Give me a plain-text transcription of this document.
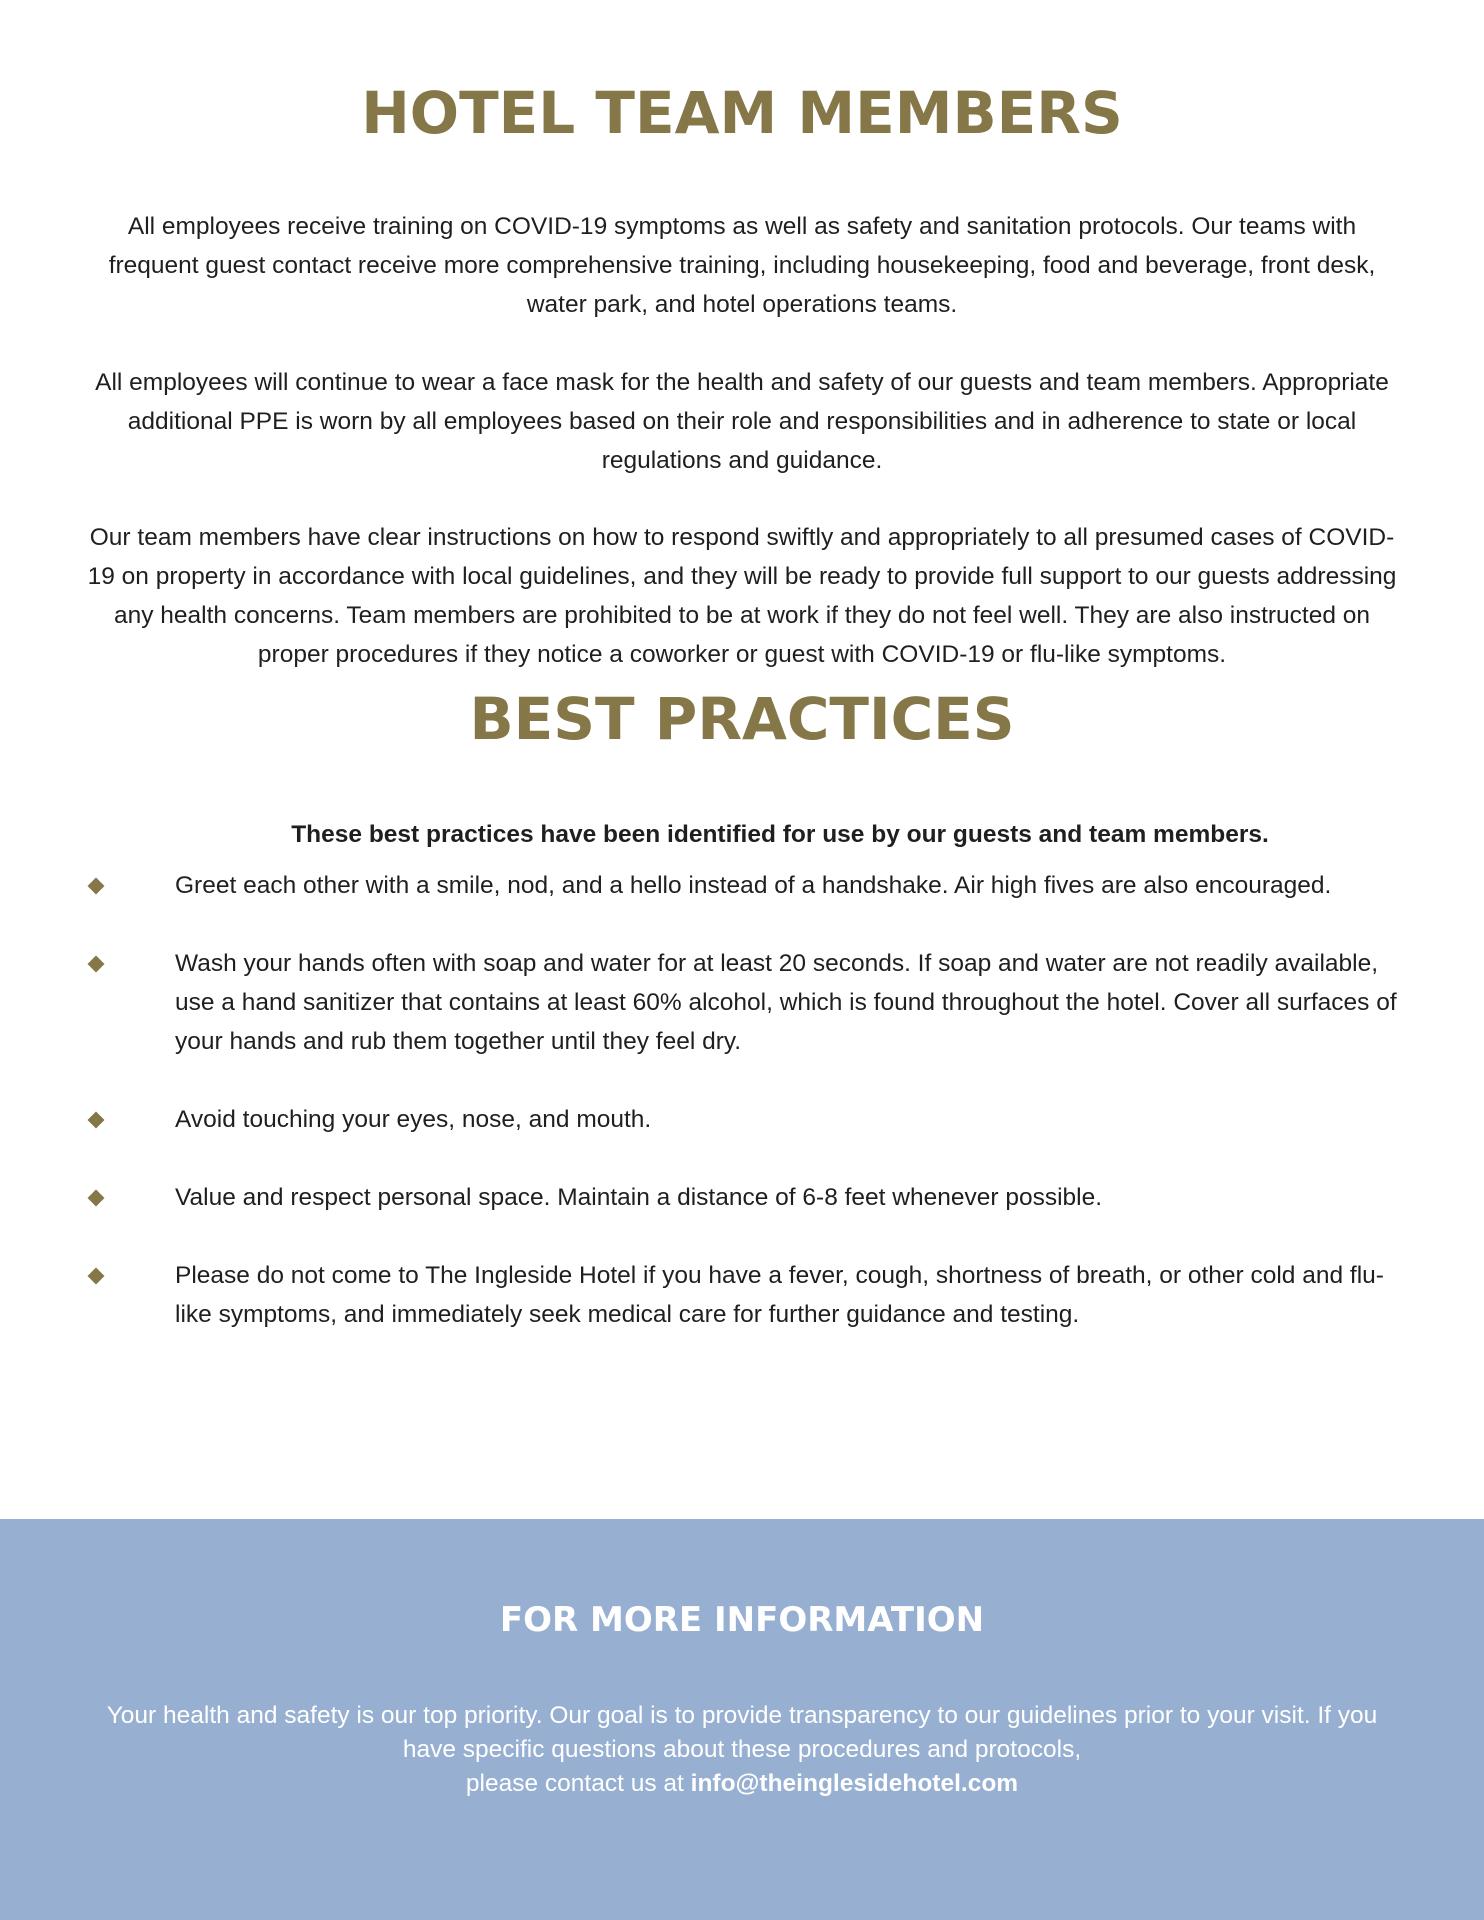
HOTEL TEAM MEMBERS

All employees receive training on COVID-19 symptoms as well as safety and sanitation protocols. Our teams with frequent guest contact receive more comprehensive training, including housekeeping, food and beverage, front desk, water park, and hotel operations teams.

All employees will continue to wear a face mask for the health and safety of our guests and team members. Appropriate additional PPE is worn by all employees based on their role and responsibilities and in adherence to state or local regulations and guidance.

Our team members have clear instructions on how to respond swiftly and appropriately to all presumed cases of COVID-19 on property in accordance with local guidelines, and they will be ready to provide full support to our guests addressing any health concerns. Team members are prohibited to be at work if they do not feel well. They are also instructed on proper procedures if they notice a coworker or guest with COVID-19 or flu-like symptoms.

BEST PRACTICES

These best practices have been identified for use by our guests and team members.

Greet each other with a smile, nod, and a hello instead of a handshake. Air high fives are also encouraged.
Wash your hands often with soap and water for at least 20 seconds. If soap and water are not readily available, use a hand sanitizer that contains at least 60% alcohol, which is found throughout the hotel. Cover all surfaces of your hands and rub them together until they feel dry.
Avoid touching your eyes, nose, and mouth.
Value and respect personal space. Maintain a distance of 6-8 feet whenever possible.
Please do not come to The Ingleside Hotel if you have a fever, cough, shortness of breath, or other cold and flu-like symptoms, and immediately seek medical care for further guidance and testing.
FOR MORE INFORMATION

Your health and safety is our top priority. Our goal is to provide transparency to our guidelines prior to your visit. If you have specific questions about these procedures and protocols,
please contact us at info@theinglesidehotel.com
